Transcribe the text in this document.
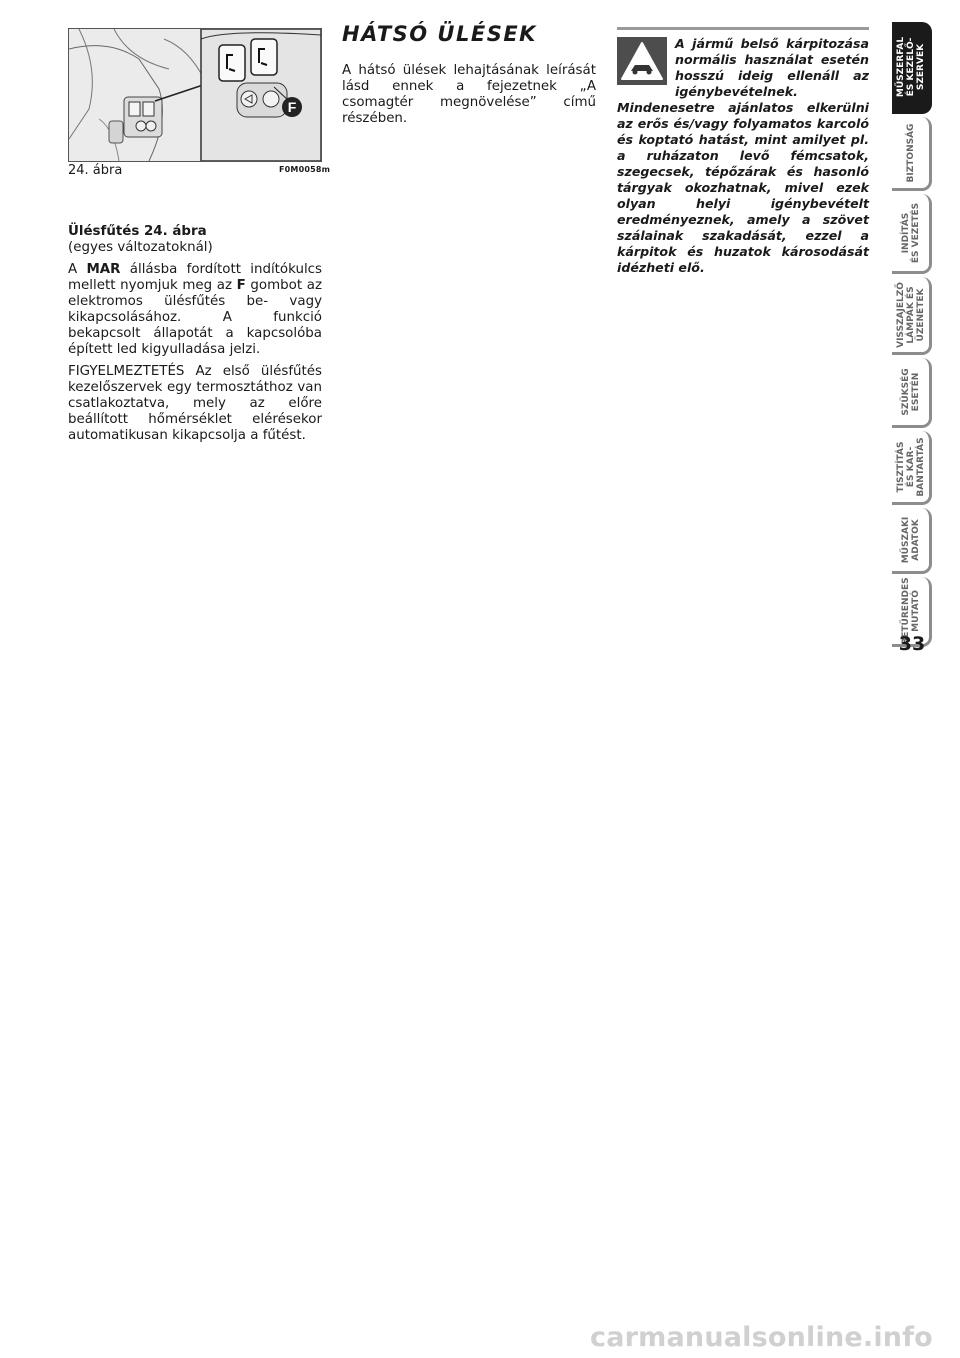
F
24. ábra	F0M0058m
Ülésfűtés 24. ábra

(egyes változatoknál)

A MAR állásba fordított indítókulcs mellett nyomjuk meg az F gombot az elektromos ülésfűtés be- vagy kikapcsolásához. A funkció bekapcsolt állapotát a kapcsolóba épített led kigyulladása jelzi.

FIGYELMEZTETÉS Az első ülésfűtés kezelőszervek egy termosztáthoz van csatlakoztatva, mely az előre beállított hőmérséklet elérésekor automatikusan kikapcsolja a fűtést.

HÁTSÓ ÜLÉSEK

A hátsó ülések lehajtásának leírását lásd ennek a fejezetnek „A csomagtér megnövelése” című részében.

A jármű belső kárpitozása normális használat esetén hosszú ideig ellenáll az igénybevételnek. Mindenesetre ajánlatos elkerülni az erős és/vagy folyamatos karcoló és koptató hatást, mint amilyet pl. a ruházaton levő fémcsatok, szegecsek, tépőzárak és hasonló tárgyak okozhatnak, mivel ezek olyan helyi igénybevételt eredményeznek, amely a szövet szálainak szakadását, ezzel a kárpitok és huzatok károsodását idézheti elő.
MŰSZERFAL
ÉS KEZELŐ-
SZERVEK
BIZTONSÁG
INDÍTÁS
ÉS VEZETÉS
VISSZAJELZŐ
LÁMPÁK ÉS
ÜZENETEK
SZÜKSÉG
ESETÉN
TISZTÍTÁS
ÉS KAR-
BANTARTÁS
MŰSZAKI
ADATOK
BETŰRENDES
MUTATÓ
33
carmanualsonline.info
